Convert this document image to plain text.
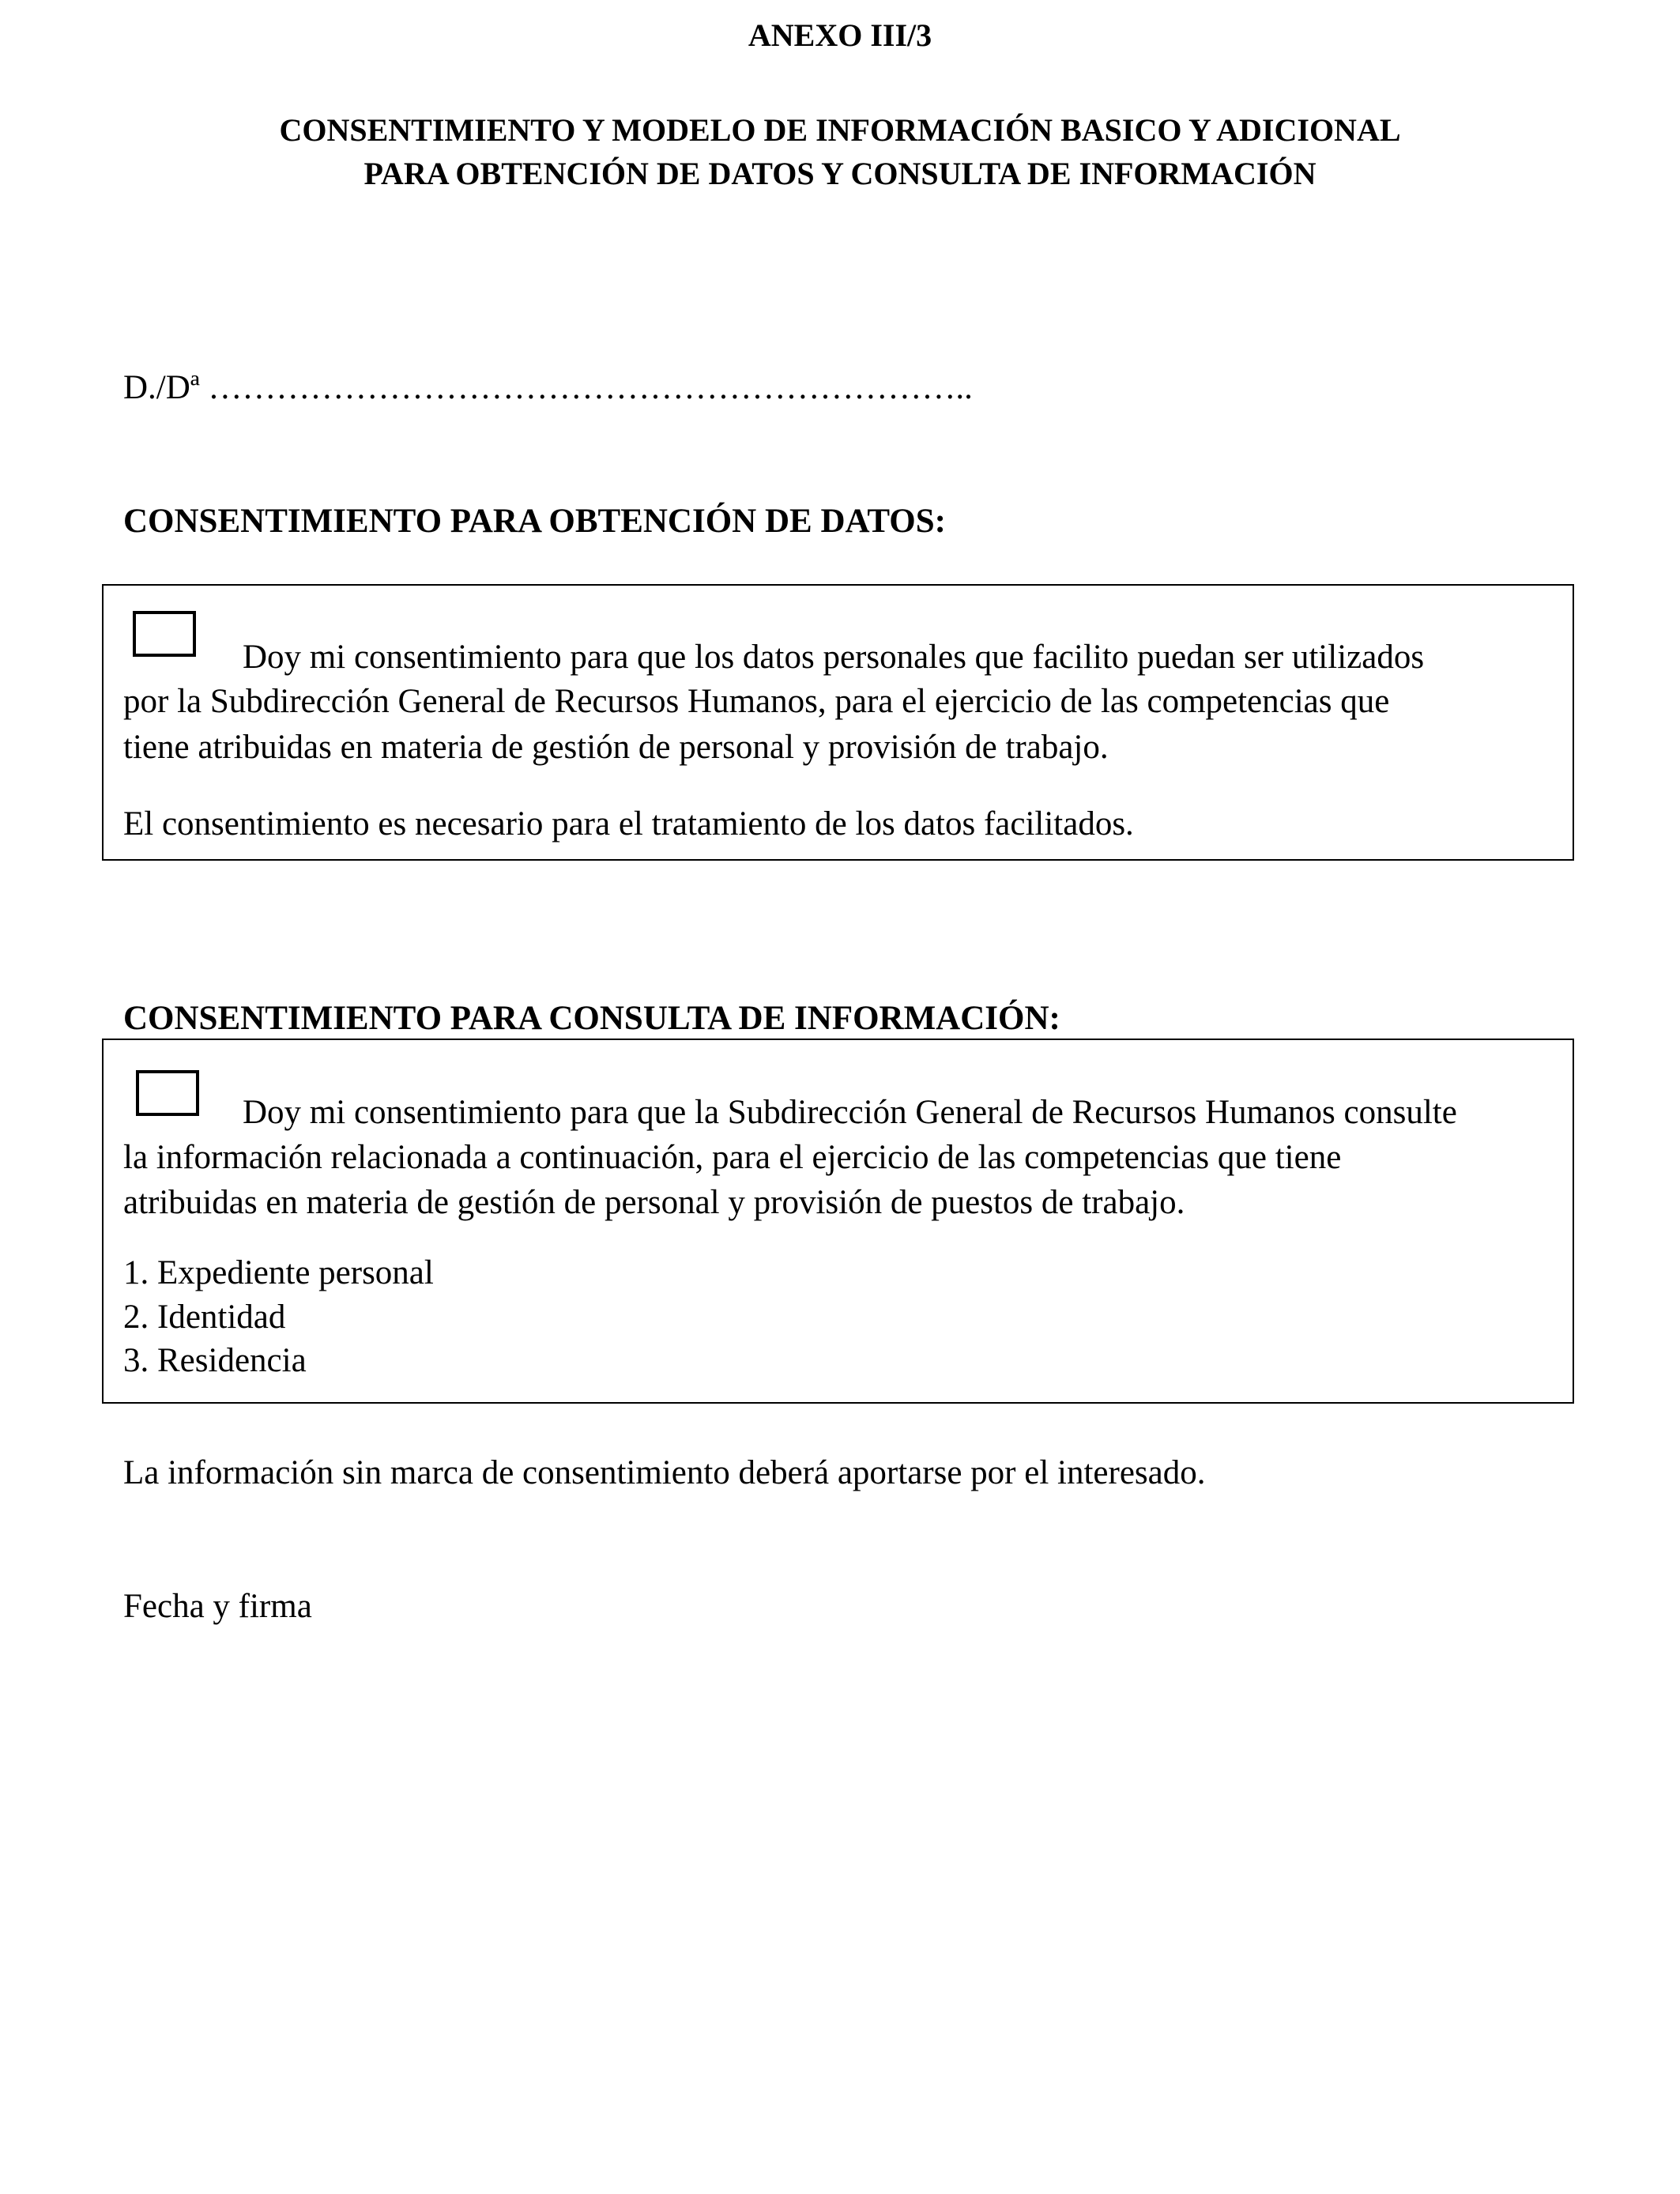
ANEXO III/3
CONSENTIMIENTO Y MODELO DE INFORMACIÓN BASICO Y ADICIONAL
PARA OBTENCIÓN DE DATOS Y CONSULTA DE INFORMACIÓN
D./Dª …………………………………………………………..
CONSENTIMIENTO PARA OBTENCIÓN DE DATOS:
Doy mi consentimiento para que los datos personales que facilito puedan ser utilizados
por la Subdirección General de Recursos Humanos, para el ejercicio de las competencias que
tiene atribuidas en materia de gestión de personal y provisión de trabajo.
El consentimiento es necesario para el tratamiento de los datos facilitados.
CONSENTIMIENTO PARA CONSULTA DE INFORMACIÓN:
Doy mi consentimiento para que la Subdirección General de Recursos Humanos consulte
la información relacionada a continuación, para el ejercicio de las competencias que tiene
atribuidas en materia de gestión de personal y provisión de puestos de trabajo.
1. Expediente personal
2. Identidad
3. Residencia
La información sin marca de consentimiento deberá aportarse por el interesado.
Fecha y firma
